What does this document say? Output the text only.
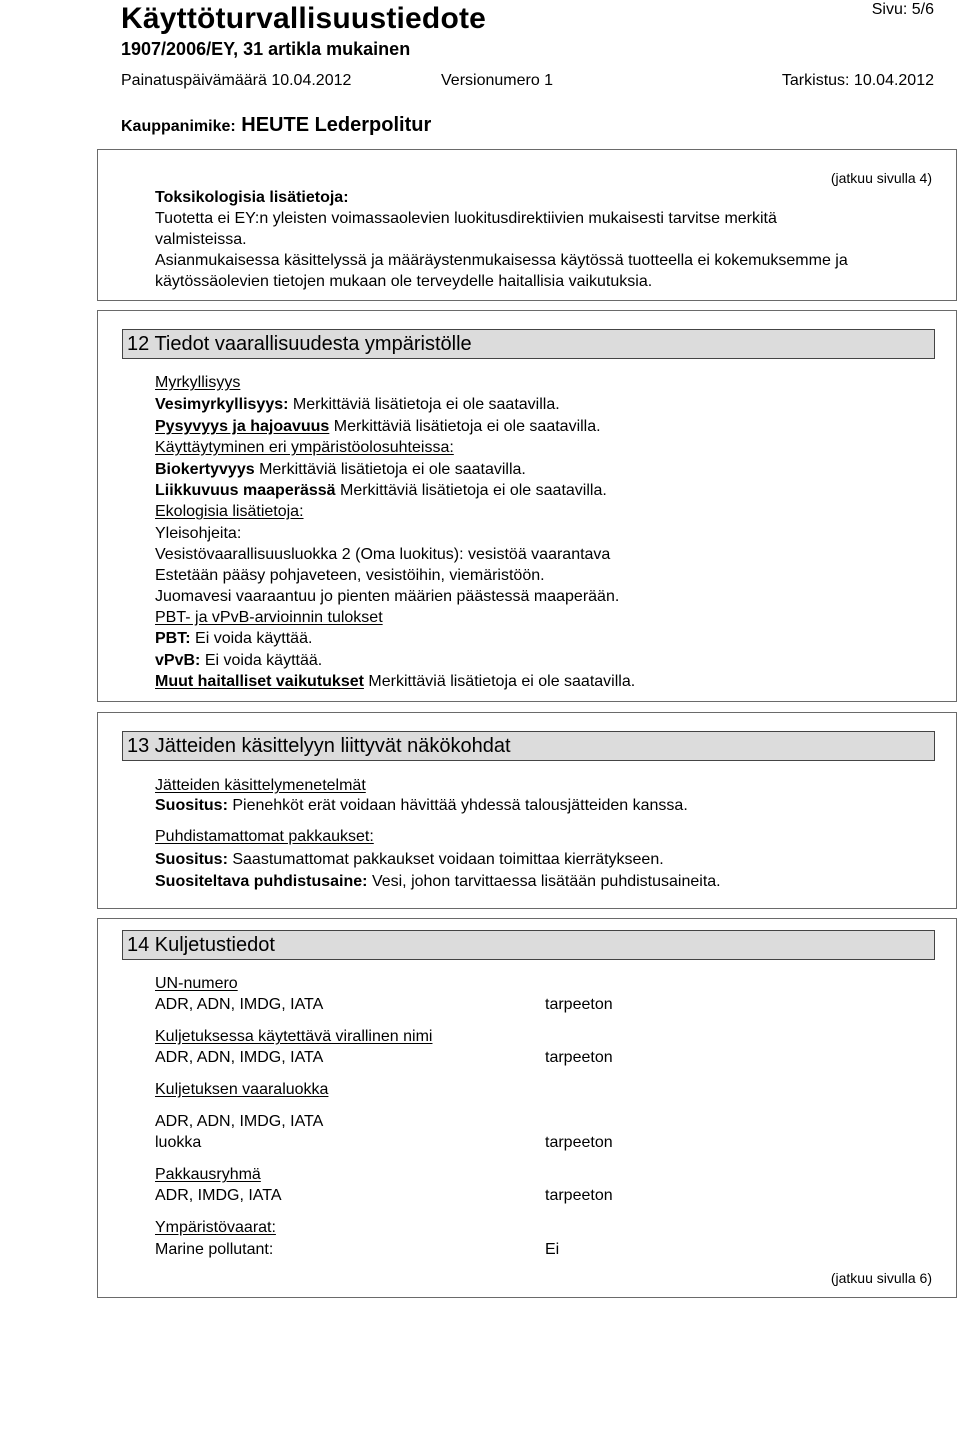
Käyttöturvallisuustiedote	Sivu: 5/6
1907/2006/EY, 31 artikla mukainen
Painatuspäivämäärä 10.04.2012	Versionumero 1	Tarkistus: 10.04.2012
Kauppanimike: HEUTE Lederpolitur
(jatkuu sivulla 4)
Toksikologisia lisätietoja:
Tuotetta ei EY:n yleisten voimassaolevien luokitusdirektiivien mukaisesti tarvitse merkitä
valmisteissa.
Asianmukaisessa käsittelyssä ja määräystenmukaisessa käytössä tuotteella ei kokemuksemme ja
käytössäolevien tietojen mukaan ole terveydelle haitallisia vaikutuksia.
12 Tiedot vaarallisuudesta ympäristölle
Myrkyllisyys
Vesimyrkyllisyys: Merkittäviä lisätietoja ei ole saatavilla.
Pysyvyys ja hajoavuus Merkittäviä lisätietoja ei ole saatavilla.
Käyttäytyminen eri ympäristöolosuhteissa:
Biokertyvyys Merkittäviä lisätietoja ei ole saatavilla.
Liikkuvuus maaperässä Merkittäviä lisätietoja ei ole saatavilla.
Ekologisia lisätietoja:
Yleisohjeita:
Vesistövaarallisuusluokka 2 (Oma luokitus): vesistöä vaarantava
Estetään pääsy pohjaveteen, vesistöihin, viemäristöön.
Juomavesi vaaraantuu jo pienten määrien päästessä maaperään.
PBT- ja vPvB-arvioinnin tulokset
PBT: Ei voida käyttää.
vPvB: Ei voida käyttää.
Muut haitalliset vaikutukset Merkittäviä lisätietoja ei ole saatavilla.
13 Jätteiden käsittelyyn liittyvät näkökohdat
Jätteiden käsittelymenetelmät
Suositus: Pienehköt erät voidaan hävittää yhdessä talousjätteiden kanssa.
Puhdistamattomat pakkaukset:
Suositus: Saastumattomat pakkaukset voidaan toimittaa kierrätykseen.
Suositeltava puhdistusaine: Vesi, johon tarvittaessa lisätään puhdistusaineita.
14 Kuljetustiedot
UN-numero
ADR, ADN, IMDG, IATA	tarpeeton
Kuljetuksessa käytettävä virallinen nimi
ADR, ADN, IMDG, IATA	tarpeeton
Kuljetuksen vaaraluokka
ADR, ADN, IMDG, IATA
luokka	tarpeeton
Pakkausryhmä
ADR, IMDG, IATA	tarpeeton
Ympäristövaarat:
Marine pollutant:	Ei
(jatkuu sivulla 6)
